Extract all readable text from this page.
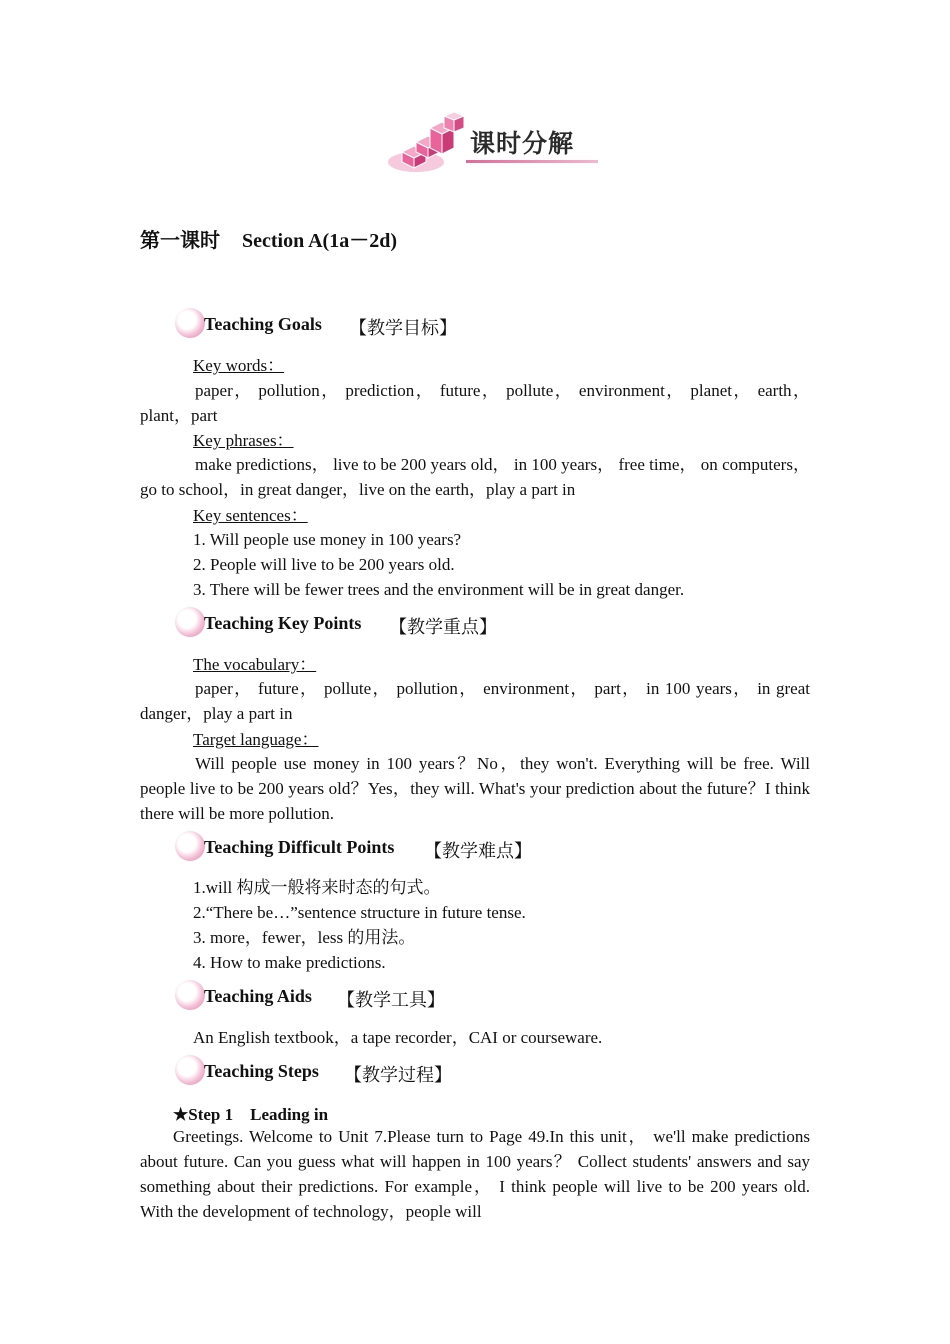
课时分解
第一课时 Section A(1a－2d)
Teaching Goals 【教学目标】
Key words：
paper， pollution， prediction， future， pollute， environment， planet， earth，plant，part
Key phrases：
make predictions， live to be 200 years old， in 100 years， free time， on computers，go to school，in great danger，live on the earth，play a part in
Key sentences：
1. Will people use money in 100 years?
2. People will live to be 200 years old.
3. There will be fewer trees and the environment will be in great danger.
Teaching Key Points 【教学重点】
The vocabulary：
paper， future， pollute， pollution， environment， part， in 100 years， in great danger，play a part in
Target language：
Will people use money in 100 years？No，they won't. Everything will be free. Will people live to be 200 years old？Yes，they will. What's your prediction about the future？I think there will be more pollution.
Teaching Difficult Points 【教学难点】
1.will 构成一般将来时态的句式。
2.“There be…”sentence structure in future tense.
3. more，fewer，less 的用法。
4. How to make predictions.
Teaching Aids 【教学工具】
An English textbook，a tape recorder，CAI or courseware.
Teaching Steps 【教学过程】
★Step 1　Leading in
Greetings. Welcome to Unit 7.Please turn to Page 49.In this unit， we'll make predictions about future. Can you guess what will happen in 100 years？ Collect students' answers and say something about their predictions. For example， I think people will live to be 200 years old. With the development of technology，people will
